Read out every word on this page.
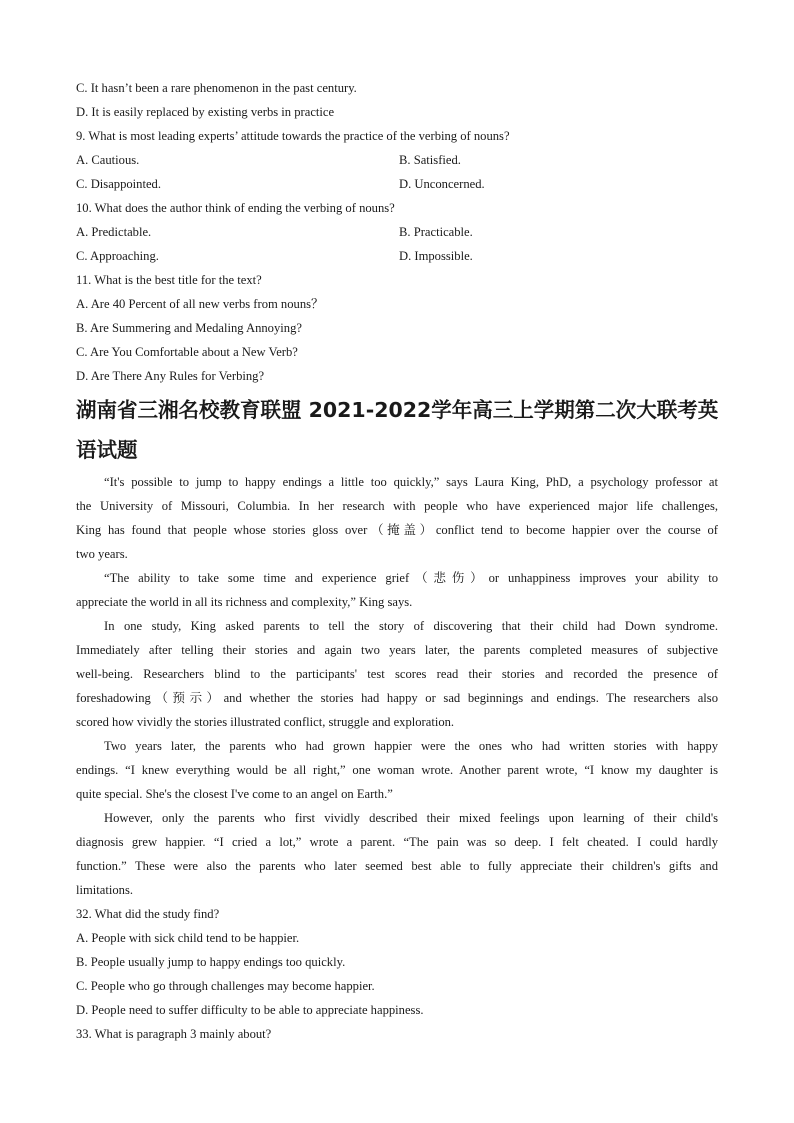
C. It hasn’t been a rare phenomenon in the past century.
D. It is easily replaced by existing verbs in practice
9. What is most leading experts’ attitude towards the practice of the verbing of nouns?
A. Cautious.	B. Satisfied.
C. Disappointed.	D. Unconcerned.
10. What does the author think of ending the verbing of nouns?
A. Predictable.	B. Practicable.
C. Approaching.	D. Impossible.
11. What is the best title for the text?
A. Are 40 Percent of all new verbs from nouns？
B. Are Summering and Medaling Annoying?
C. Are You Comfortable about a New Verb?
D. Are There Any Rules for Verbing?
湖南省三湘名校教育联盟 2021-2022学年高三上学期第二次大联考英
语试题
“It's possible to jump to happy endings a little too quickly,” says Laura King, PhD, a psychology professor at
the University of Missouri, Columbia. In her research with people who have experienced major life challenges,
King has found that people whose stories gloss over（掩盖）conflict tend to become happier over the course of
two years.
“The ability to take some time and experience grief（悲伤）or unhappiness improves your ability to
appreciate the world in all its richness and complexity,” King says.
In one study, King asked parents to tell the story of discovering that their child had Down syndrome.
Immediately after telling their stories and again two years later, the parents completed measures of subjective
well-being. Researchers blind to the participants' test scores read their stories and recorded the presence of
foreshadowing（预示）and whether the stories had happy or sad beginnings and endings. The researchers also
scored how vividly the stories illustrated conflict, struggle and exploration.
Two years later, the parents who had grown happier were the ones who had written stories with happy
endings. “I knew everything would be all right,” one woman wrote. Another parent wrote, “I know my daughter is
quite special. She's the closest I've come to an angel on Earth.”
However, only the parents who first vividly described their mixed feelings upon learning of their child's
diagnosis grew happier. “I cried a lot,” wrote a parent. “The pain was so deep. I felt cheated. I could hardly
function.” These were also the parents who later seemed best able to fully appreciate their children's gifts and
limitations.
32. What did the study find?
A. People with sick child tend to be happier.
B. People usually jump to happy endings too quickly.
C. People who go through challenges may become happier.
D. People need to suffer difficulty to be able to appreciate happiness.
33. What is paragraph 3 mainly about?
